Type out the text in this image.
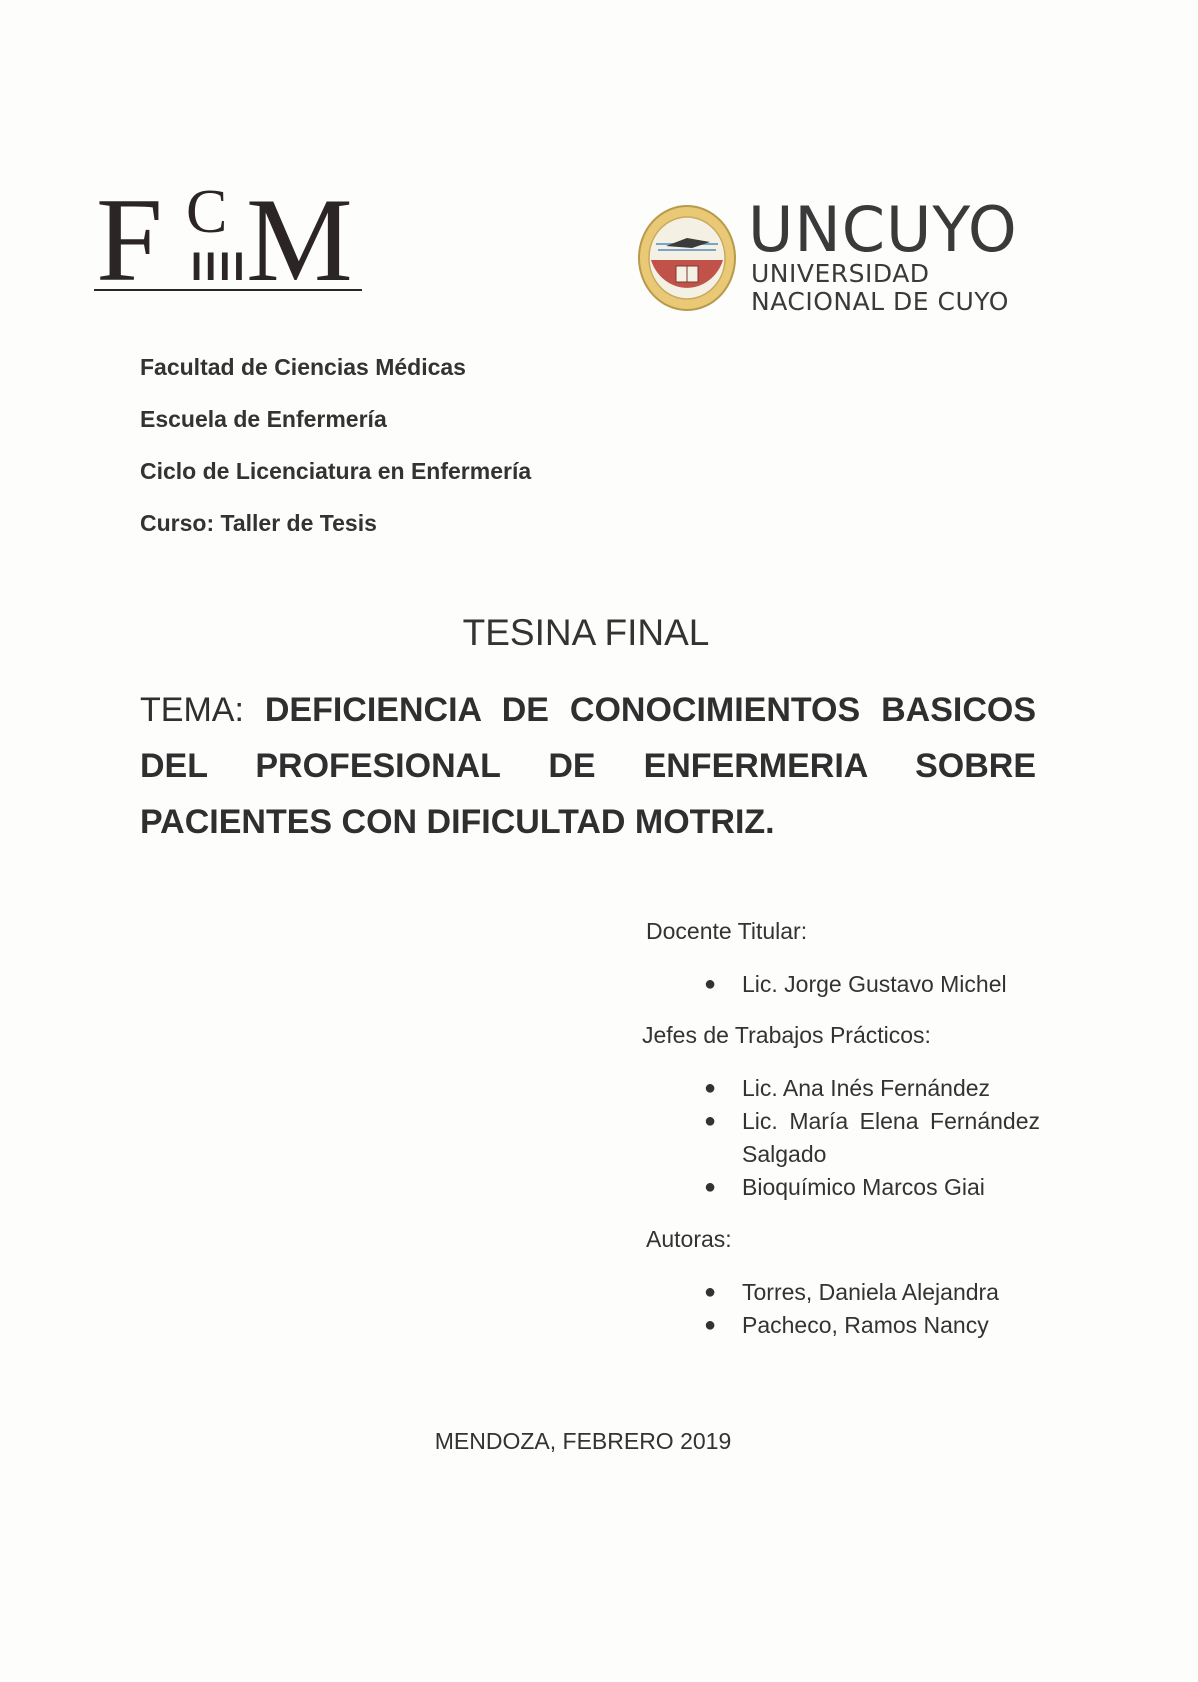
F C
IIII
M	UNCUYO
UNIVERSIDAD
NACIONAL DE CUYO
Facultad de Ciencias Médicas
Escuela de Enfermería
Ciclo de Licenciatura en Enfermería
Curso: Taller de Tesis
TESINA FINAL
TEMA: DEFICIENCIA DE CONOCIMIENTOS BASICOS DEL PROFESIONAL DE ENFERMERIA SOBRE PACIENTES CON DIFICULTAD MOTRIZ.
Docente Titular:
● Lic. Jorge Gustavo Michel
Jefes de Trabajos Prácticos:
● Lic. Ana Inés Fernández
● Lic. María Elena Fernández Salgado
● Bioquímico Marcos Giai
Autoras:
● Torres, Daniela Alejandra
● Pacheco, Ramos Nancy
MENDOZA, FEBRERO 2019
